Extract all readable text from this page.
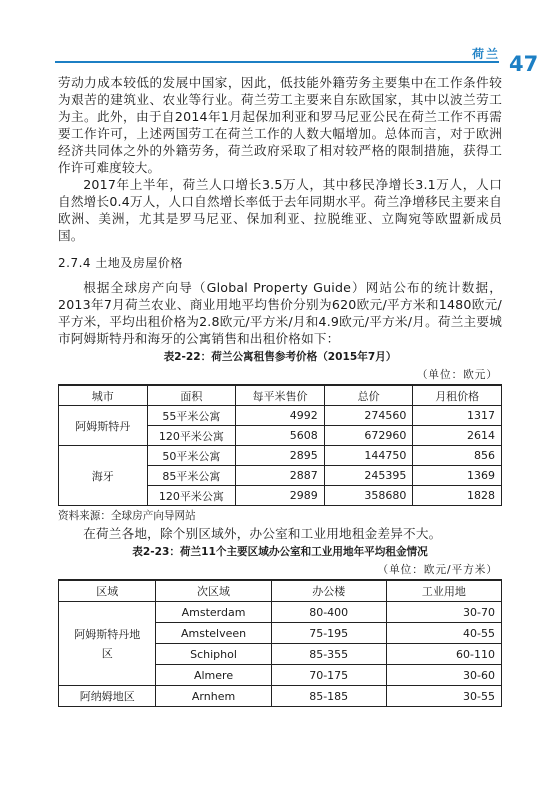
荷兰 47

劳动力成本较低的发展中国家，因此，低技能外籍劳务主要集中在工作条件较为艰苦的建筑业、农业等行业。荷兰劳工主要来自东欧国家，其中以波兰劳工为主。此外，由于自2014年1月起保加利亚和罗马尼亚公民在荷兰工作不再需要工作许可，上述两国劳工在荷兰工作的人数大幅增加。总体而言，对于欧洲经济共同体之外的外籍劳务，荷兰政府采取了相对较严格的限制措施，获得工作许可难度较大。

2017年上半年，荷兰人口增长3.5万人，其中移民净增长3.1万人，人口自然增长0.4万人，人口自然增长率低于去年同期水平。荷兰净增移民主要来自欧洲、美洲，尤其是罗马尼亚、保加利亚、拉脱维亚、立陶宛等欧盟新成员国。

2.7.4 土地及房屋价格

根据全球房产向导（Global Property Guide）网站公布的统计数据，2013年7月荷兰农业、商业用地平均售价分别为620欧元/平方米和1480欧元/平方米，平均出租价格为2.8欧元/平方米/月和4.9欧元/平方米/月。荷兰主要城市阿姆斯特丹和海牙的公寓销售和出租价格如下：

表2-22：荷兰公寓租售参考价格（2015年7月）

（单位：欧元）
城市	面积	每平米售价	总价	月租价格
阿姆斯特丹	55平米公寓	4992	274560	1317
	120平米公寓	5608	672960	2614
海牙	50平米公寓	2895	144750	856
	85平米公寓	2887	245395	1369
	120平米公寓	2989	358680	1828
资料来源：全球房产向导网站

在荷兰各地，除个别区域外，办公室和工业用地租金差异不大。

表2-23：荷兰11个主要区域办公室和工业用地年平均租金情况

（单位：欧元/平方米）
区域	次区域	办公楼	工业用地
阿姆斯特丹地区	Amsterdam	80-400	30-70
	Amstelveen	75-195	40-55
	Schiphol	85-355	60-110
	Almere	70-175	30-60
阿纳姆地区	Arnhem	85-185	30-55
